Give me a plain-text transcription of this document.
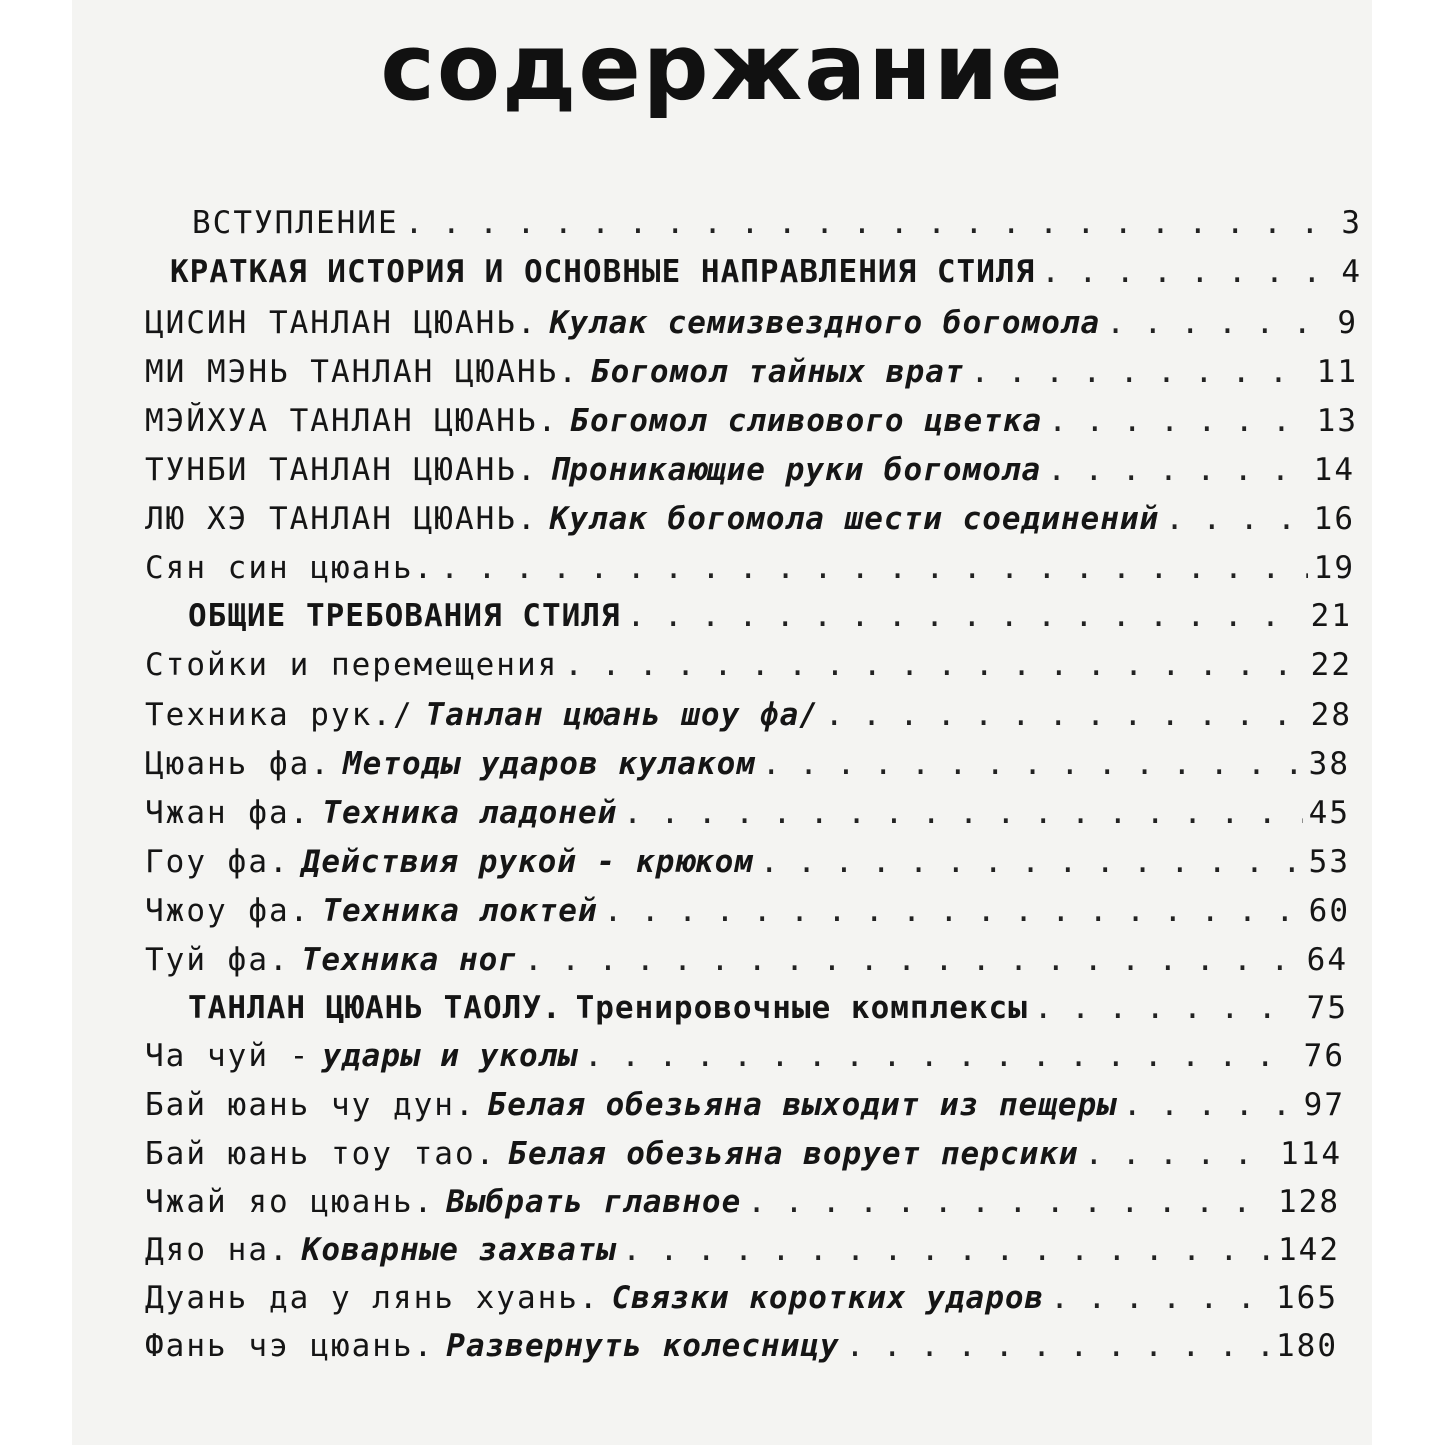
содержание
ВСТУПЛЕНИЕ . . .	3
КРАТКАЯ ИСТОРИЯ И ОСНОВНЫЕ НАПРАВЛЕНИЯ СТИЛЯ . . .	4
ЦИСИН ТАНЛАН ЦЮАНЬ. Кулак семизвездного богомола . . .	9
МИ МЭНЬ ТАНЛАН ЦЮАНЬ. Богомол тайных врат . . .	11
МЭЙХУА ТАНЛАН ЦЮАНЬ. Богомол сливового цветка . . .	13
ТУНБИ ТАНЛАН ЦЮАНЬ. Проникающие руки богомола . . .	14
ЛЮ ХЭ ТАНЛАН ЦЮАНЬ. Кулак богомола шести соединений . . .	16
Сян син цюань. . . .	19
ОБЩИЕ ТРЕБОВАНИЯ СТИЛЯ . . .	21
Стойки и перемещения . . .	22
Техника рук./ Танлан цюань шоу фа/ . . .	28
Цюань фа. Методы ударов кулаком . . .	38
Чжан фа. Техника ладоней . . .	45
Гоу фа. Действия рукой - крюком . . .	53
Чжоу фа. Техника локтей . . .	60
Туй фа. Техника ног . . .	64
ТАНЛАН ЦЮАНЬ ТАОЛУ. Тренировочные комплексы . . .	75
Ча чуй - удары и уколы . . .	76
Бай юань чу дун. Белая обезьяна выходит из пещеры . . .	97
Бай юань тоу тао. Белая обезьяна ворует персики . . .	114
Чжай яо цюань. Выбрать главное . . .	128
Дяо на. Коварные захваты . . .	142
Дуань да у лянь хуань. Связки коротких ударов . . .	165
Фань чэ цюань. Развернуть колесницу . . .	180
